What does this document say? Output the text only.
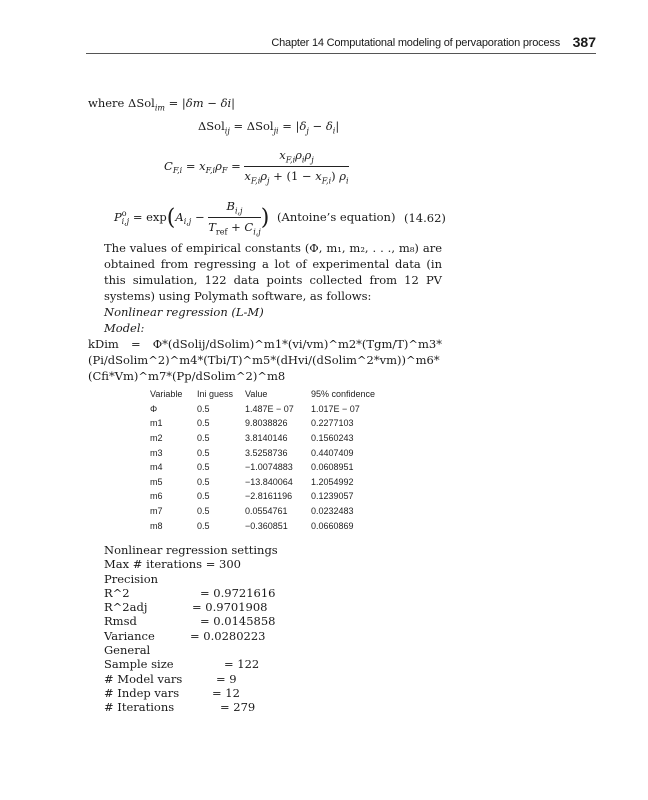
Chapter 14 Computational modeling of pervaporation process 387
where ΔSol$_{im}$ = |δm − δi|
$\Delta Sol_{ij} = \Delta Sol_{ji} = |\delta_j - \delta_i|$
$C_{F,i} = x_{F,i}\rho_F = \frac{x_{F,i}\rho_i\rho_j}{x_{F,i}\rho_j + (1 - x_{F,i}) \rho_i}$
$P^o_{i,j} = \exp(A_{i,j} - \frac{B_{i,j}}{T_{ref} + C_{i,j}}$ ) (Antoine’s equation) (14.62)

The values of empirical constants (Φ, m₁, m₂, . . ., m₈) are obtained from regressing a lot of experimental data (in this simulation, 122 data points collected from 12 PV systems) using Polymath software, as follows:

Nonlinear regression (L-M)

Model:

kDim = Φ*(dSolij/dSolim)^m1*(vi/vm)^m2*(Tgm/T)^m3*(Pi/dSolim^2)^m4*(Tbi/T)^m5*(dHvi/(dSolim^2*vm))^m6*(Cfi*Vm)^m7*(Pp/dSolim^2)^m8

Variable	Ini guess	Value	95% confidence
Φ	0.5	1.487E − 07	1.017E − 07
m1	0.5	9.8038826	0.2277103
m2	0.5	3.8140146	0.1560243
m3	0.5	3.5258736	0.4407409
m4	0.5	−1.0074883	0.0608951
m5	0.5	−13.840064	1.2054992
m6	0.5	−2.8161196	0.1239057
m7	0.5	0.0554761	0.0232483
m8	0.5	−0.360851	0.0660869
Nonlinear regression settings
Max # iterations = 300
Precision
R^2	= 0.9721616
R^2adj	= 0.9701908
Rmsd	= 0.0145858
Variance	= 0.0280223
General
Sample size	= 122
# Model vars	= 9
# Indep vars	= 12
# Iterations	= 279
